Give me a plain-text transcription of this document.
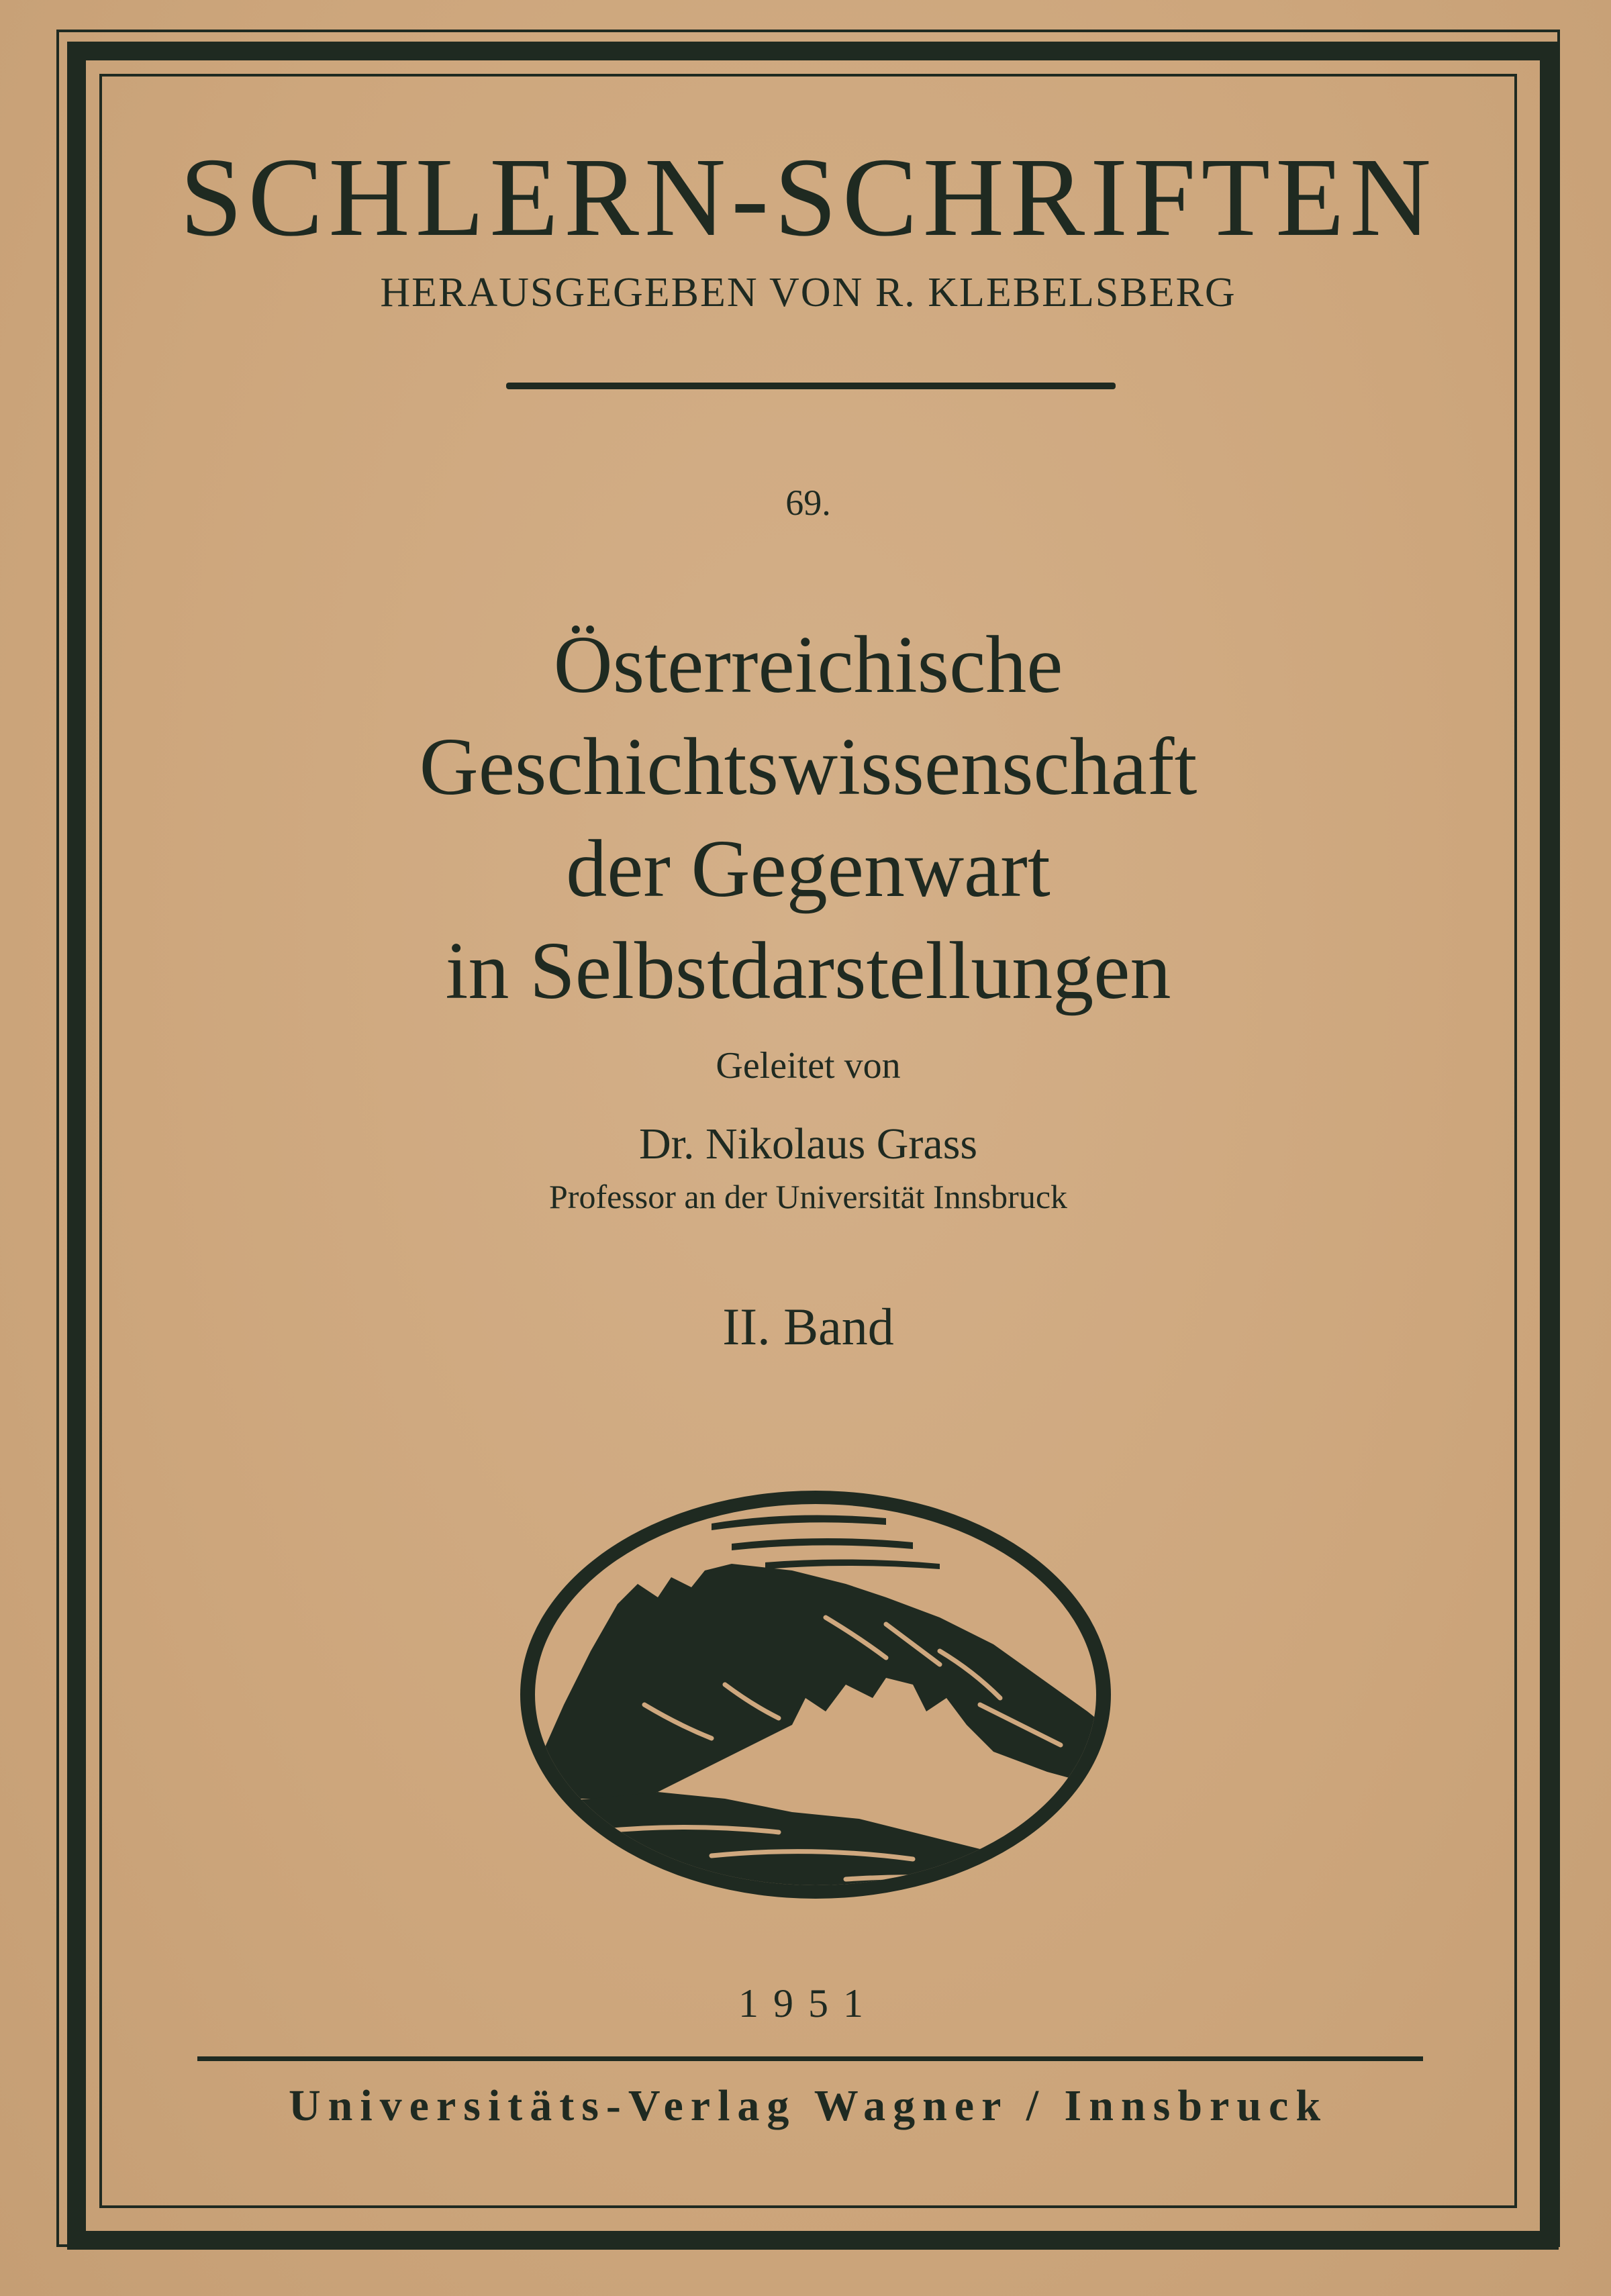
SCHLERN-SCHRIFTEN
HERAUSGEGEBEN VON R. KLEBELSBERG
69.
Österreichische
Geschichtswissenschaft
der Gegenwart
in Selbstdarstellungen
Geleitet von
Dr. Nikolaus Grass
Professor an der Universität Innsbruck
II. Band
1951
Universitäts-Verlag Wagner / Innsbruck
